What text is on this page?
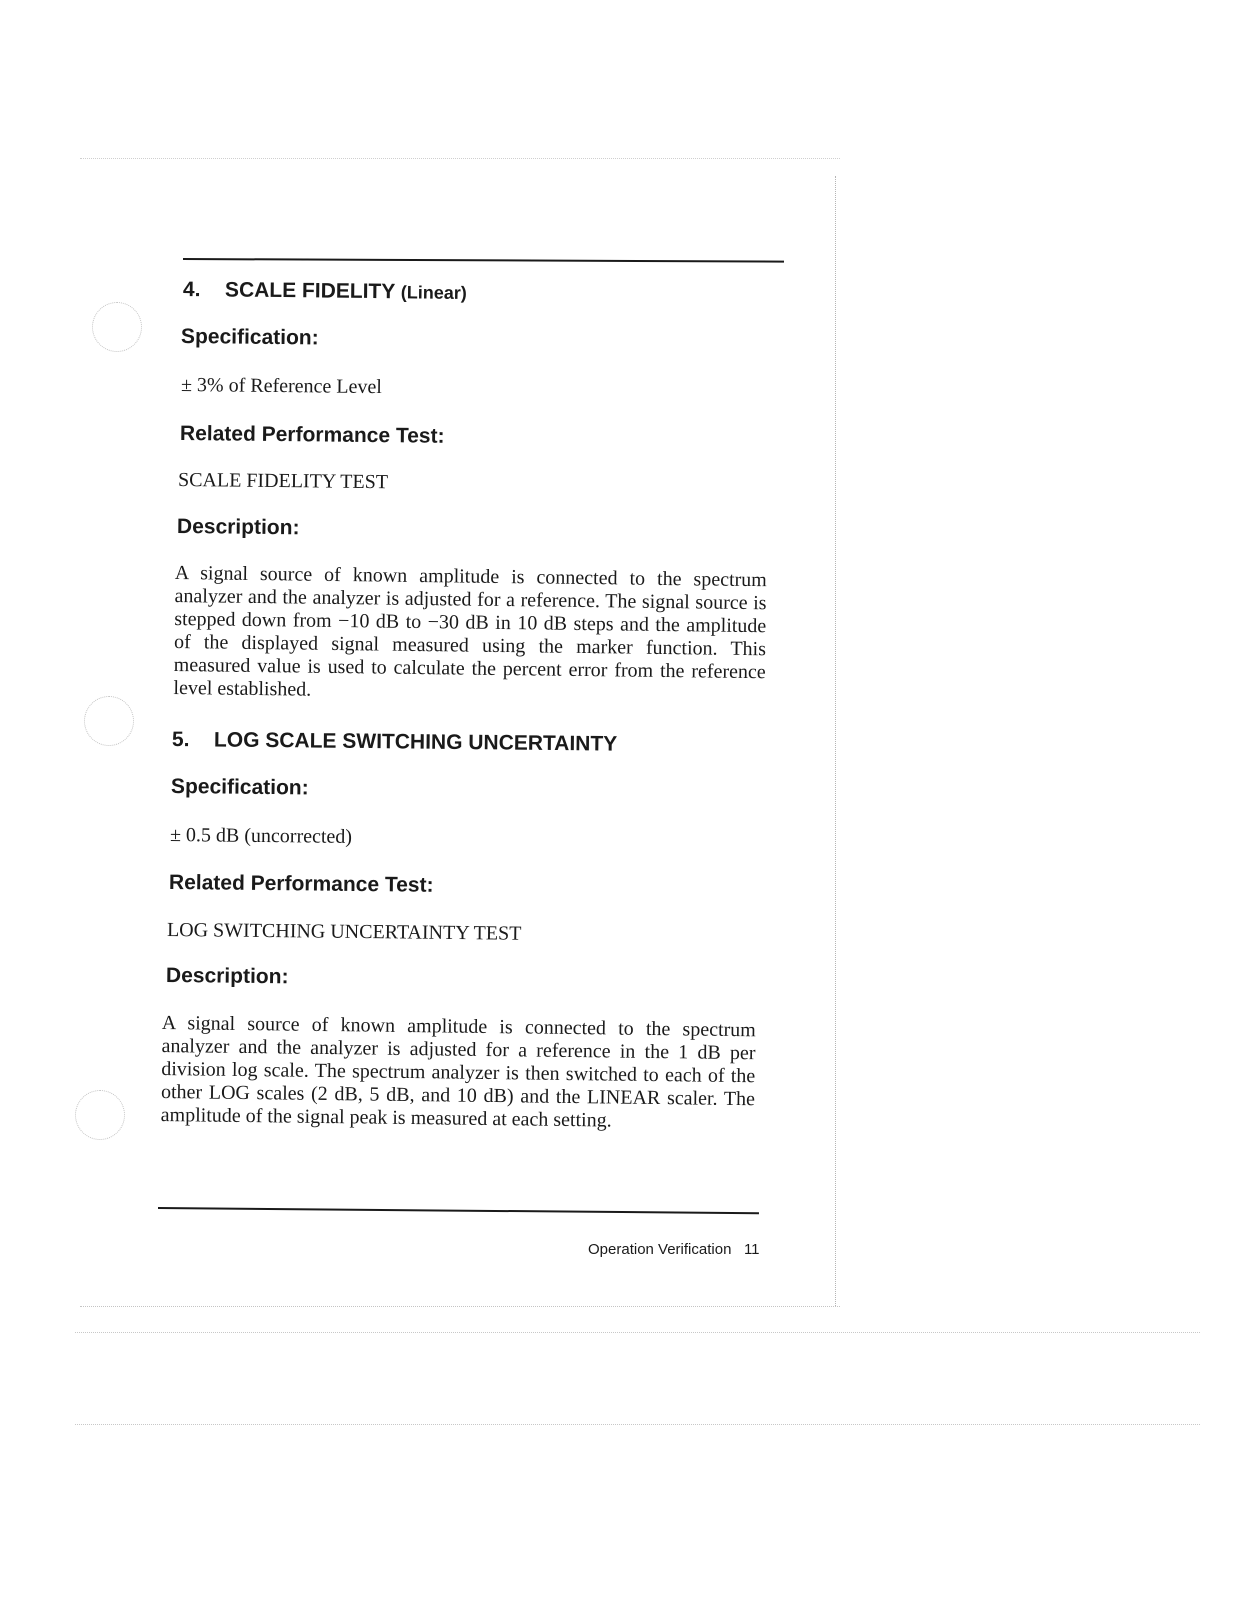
4. SCALE FIDELITY (Linear)
Specification:
± 3% of Reference Level
Related Performance Test:
SCALE FIDELITY TEST
Description:
A signal source of known amplitude is connected to the spectrum analyzer and the analyzer is adjusted for a reference. The signal source is stepped down from −10 dB to −30 dB in 10 dB steps and the amplitude of the displayed signal measured using the marker function. This measured value is used to calculate the percent error from the reference level established.
5. LOG SCALE SWITCHING UNCERTAINTY
Specification:
± 0.5 dB (uncorrected)
Related Performance Test:
LOG SWITCHING UNCERTAINTY TEST
Description:
A signal source of known amplitude is connected to the spectrum analyzer and the analyzer is adjusted for a reference in the 1 dB per division log scale. The spectrum analyzer is then switched to each of the other LOG scales (2 dB, 5 dB, and 10 dB) and the LINEAR scaler. The amplitude of the signal peak is measured at each setting.
Operation Verification 11
